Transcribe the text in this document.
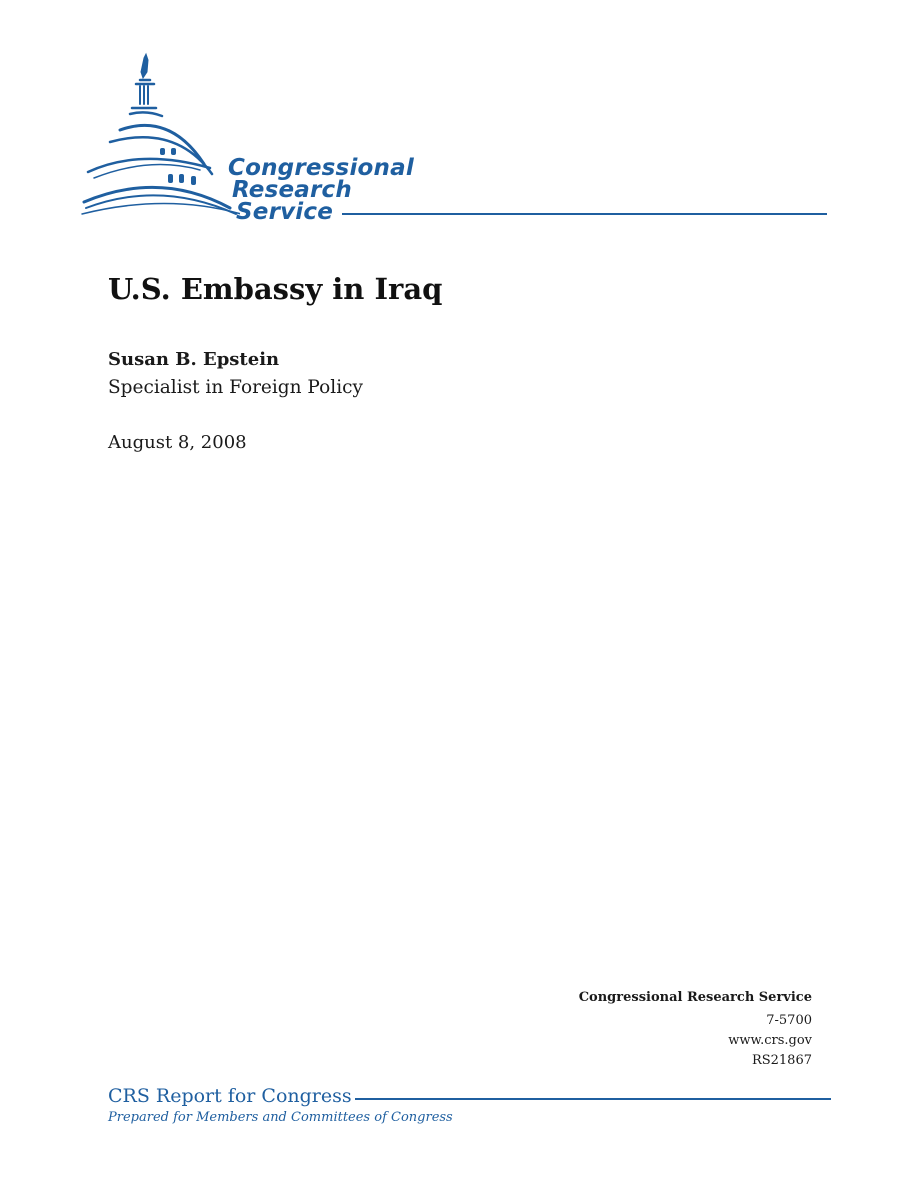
Congressional
Research
Service
U.S. Embassy in Iraq
Susan B. Epstein
Specialist in Foreign Policy
August 8, 2008
Congressional Research Service
7-5700
www.crs.gov
RS21867
CRS Report for Congress
Prepared for Members and Committees of Congress
